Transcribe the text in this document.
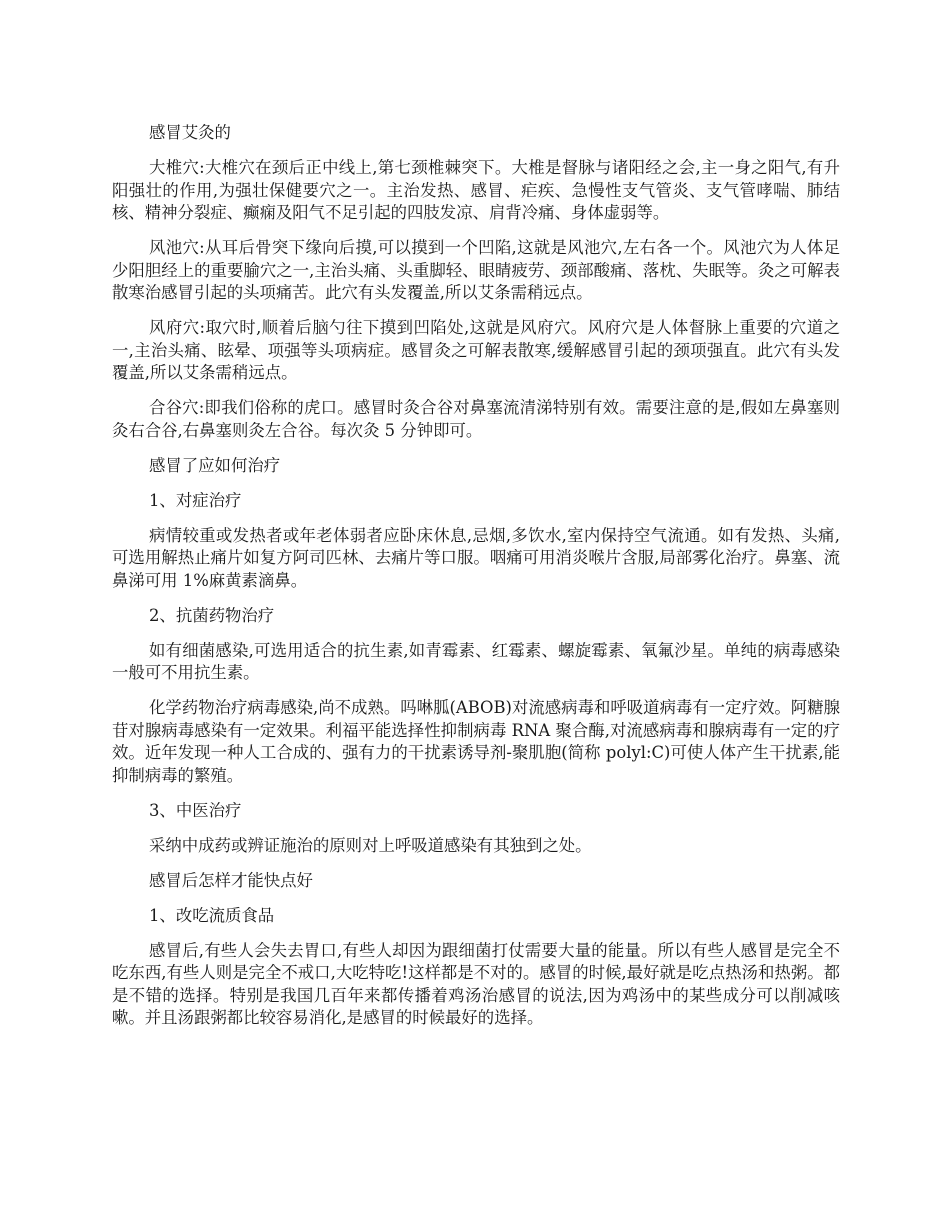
感冒艾灸的

大椎穴:大椎穴在颈后正中线上,第七颈椎棘突下。大椎是督脉与诸阳经之会,主一身之阳气,有升阳强壮的作用,为强壮保健要穴之一。主治发热、感冒、疟疾、急慢性支气管炎、支气管哮喘、肺结核、精神分裂症、癫痫及阳气不足引起的四肢发凉、肩背冷痛、身体虚弱等。

风池穴:从耳后骨突下缘向后摸,可以摸到一个凹陷,这就是风池穴,左右各一个。风池穴为人体足少阳胆经上的重要腧穴之一,主治头痛、头重脚轻、眼睛疲劳、颈部酸痛、落枕、失眠等。灸之可解表散寒治感冒引起的头项痛苦。此穴有头发覆盖,所以艾条需稍远点。

风府穴:取穴时,顺着后脑勺往下摸到凹陷处,这就是风府穴。风府穴是人体督脉上重要的穴道之一,主治头痛、眩晕、项强等头项病症。感冒灸之可解表散寒,缓解感冒引起的颈项强直。此穴有头发覆盖,所以艾条需稍远点。

合谷穴:即我们俗称的虎口。感冒时灸合谷对鼻塞流清涕特别有效。需要注意的是,假如左鼻塞则灸右合谷,右鼻塞则灸左合谷。每次灸 5 分钟即可。

感冒了应如何治疗

1、对症治疗

病情较重或发热者或年老体弱者应卧床休息,忌烟,多饮水,室内保持空气流通。如有发热、头痛,可选用解热止痛片如复方阿司匹林、去痛片等口服。咽痛可用消炎喉片含服,局部雾化治疗。鼻塞、流鼻涕可用 1%麻黄素滴鼻。

2、抗菌药物治疗

如有细菌感染,可选用适合的抗生素,如青霉素、红霉素、螺旋霉素、氧氟沙星。单纯的病毒感染一般可不用抗生素。

化学药物治疗病毒感染,尚不成熟。吗啉胍(ABOB)对流感病毒和呼吸道病毒有一定疗效。阿糖腺苷对腺病毒感染有一定效果。利福平能选择性抑制病毒 RNA 聚合酶,对流感病毒和腺病毒有一定的疗效。近年发现一种人工合成的、强有力的干扰素诱导剂-聚肌胞(简称 polyl:C)可使人体产生干扰素,能抑制病毒的繁殖。

3、中医治疗

采纳中成药或辨证施治的原则对上呼吸道感染有其独到之处。

感冒后怎样才能快点好

1、改吃流质食品

感冒后,有些人会失去胃口,有些人却因为跟细菌打仗需要大量的能量。所以有些人感冒是完全不吃东西,有些人则是完全不戒口,大吃特吃!这样都是不对的。感冒的时候,最好就是吃点热汤和热粥。都是不错的选择。特别是我国几百年来都传播着鸡汤治感冒的说法,因为鸡汤中的某些成分可以削减咳嗽。并且汤跟粥都比较容易消化,是感冒的时候最好的选择。
